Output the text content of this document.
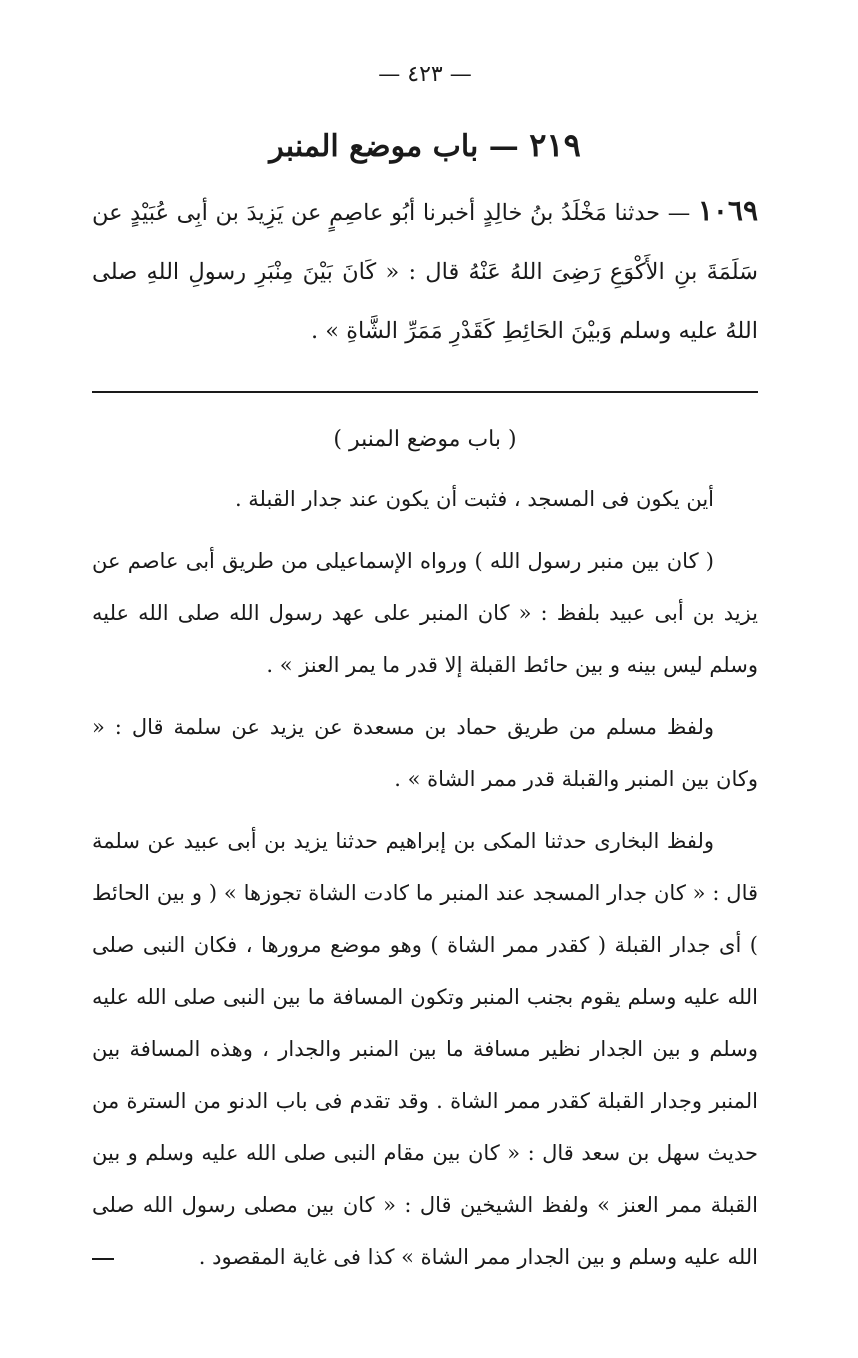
— ٤٢٣ —
٢١٩ — باب موضع المنبر

١٠٦٩ — حدثنا مَخْلَدُ بنُ خالِدٍ أخبرنا أبُو عاصِمٍ عن يَزِيدَ بن أبِى عُبَيْدٍ عن سَلَمَةَ بنِ الأَكْوَعِ رَضِىَ اللهُ عَنْهُ قال : « كَانَ بَيْنَ مِنْبَرِ رسولِ اللهِ صلى اللهُ عليه وسلم وَبيْنَ الحَائِطِ كَقَدْرِ مَمَرِّ الشَّاةِ » .

( باب موضع المنبر )

أين يكون فى المسجد ، فثبت أن يكون عند جدار القبلة .

( كان بين منبر رسول الله ) ورواه الإسماعيلى من طريق أبى عاصم عن يزيد بن أبى عبيد بلفظ : « كان المنبر على عهد رسول الله صلى الله عليه وسلم ليس بينه و بين حائط القبلة إلا قدر ما يمر العنز » .

ولفظ مسلم من طريق حماد بن مسعدة عن يزيد عن سلمة قال : « وكان بين المنبر والقبلة قدر ممر الشاة » .

ولفظ البخارى حدثنا المكى بن إبراهيم حدثنا يزيد بن أبى عبيد عن سلمة قال : « كان جدار المسجد عند المنبر ما كادت الشاة تجوزها » ( و بين الحائط ) أى جدار القبلة ( كقدر ممر الشاة ) وهو موضع مرورها ، فكان النبى صلى الله عليه وسلم يقوم بجنب المنبر وتكون المسافة ما بين النبى صلى الله عليه وسلم و بين الجدار نظير مسافة ما بين المنبر والجدار ، وهذه المسافة بين المنبر وجدار القبلة كقدر ممر الشاة . وقد تقدم فى باب الدنو من السترة من حديث سهل بن سعد قال : « كان بين مقام النبى صلى الله عليه وسلم و بين القبلة ممر العنز » ولفظ الشيخين قال : « كان بين مصلى رسول الله صلى الله عليه وسلم و بين الجدار ممر الشاة » كذا فى غاية المقصود .
